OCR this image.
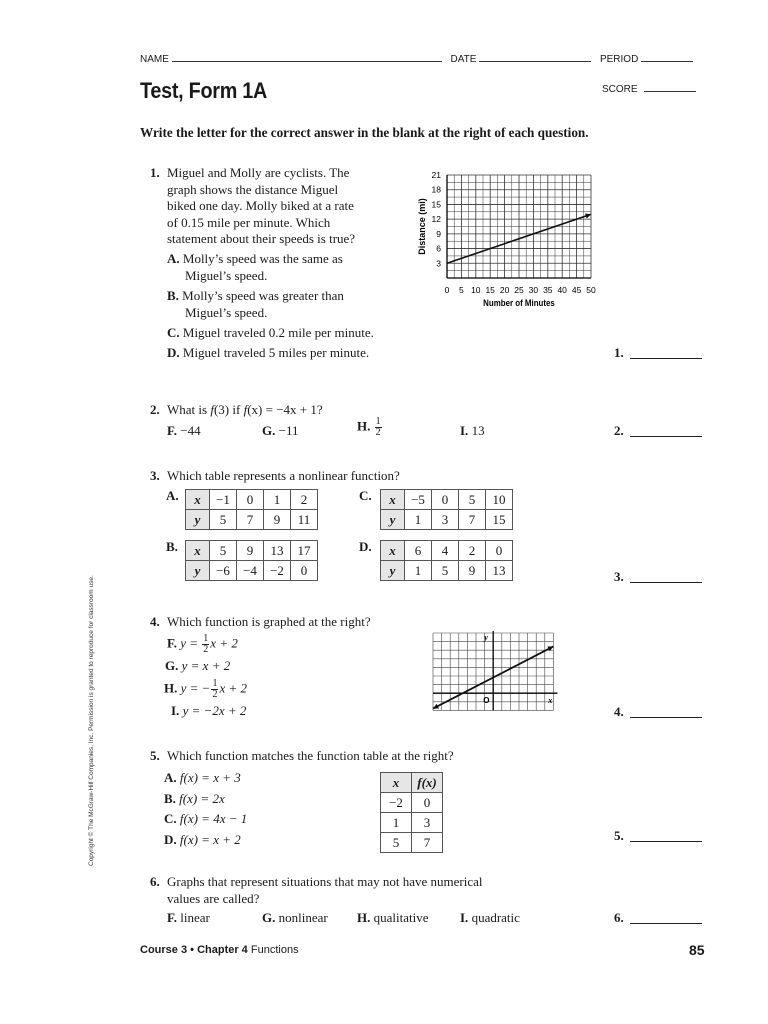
NAME	DATE	PERIOD
Test, Form 1A	SCORE
Write the letter for the correct answer in the blank at the right of each question.
Copyright © The McGraw-Hill Companies, Inc. Permission is granted to reproduce for classroom use.
1. Miguel and Molly are cyclists. The
graph shows the distance Miguel
biked one day. Molly biked at a rate
of 0.15 mile per minute. Which
statement about their speeds is true?
A. Molly’s speed was the same as
Miguel’s speed.
B. Molly’s speed was greater than
Miguel’s speed.
C. Miguel traveled 0.2 mile per minute.
D. Miguel traveled 5 miles per minute.	1.
0 5 10 15 20 25 30 35 40 45 50
3
6
9
12
15
18
21
Number of Minutes
Distance (mi)
2. What is f(3) if f(x) = −4x + 1?
F. −44	G. −11	H. $\frac{1}{2}$	I. 13	2.
3. Which table represents a nonlinear function?
A. x	−1	0	1	2
y	5	7	9	11
C. x	−5	0	5	10
y	1	3	7	15
B. x	5	9	13	17
y	−6	−4	−2	0
D. x	6	4	2	0
y	1	5	9	13	3.
4. Which function is graphed at the right?
F. $y = \frac{1}{2}$ x + 2
G. y = x + 2
H. y = − $\frac{1}{2}$ x + 2
I. y = −2x + 2
O	x
y
4.
5. Which function matches the function table at the right?
A. f(x) = x + 3
B. f(x) = 2x
C. f(x) = 4x − 1
D. f(x) = x + 2
x	f(x)
−2	0
1	3
5	7	5.
6. Graphs that represent situations that may not have numerical
values are called?
F. linear	G. nonlinear H. qualitative I. quadratic	6.
Course 3 • Chapter 4 Functions	85
